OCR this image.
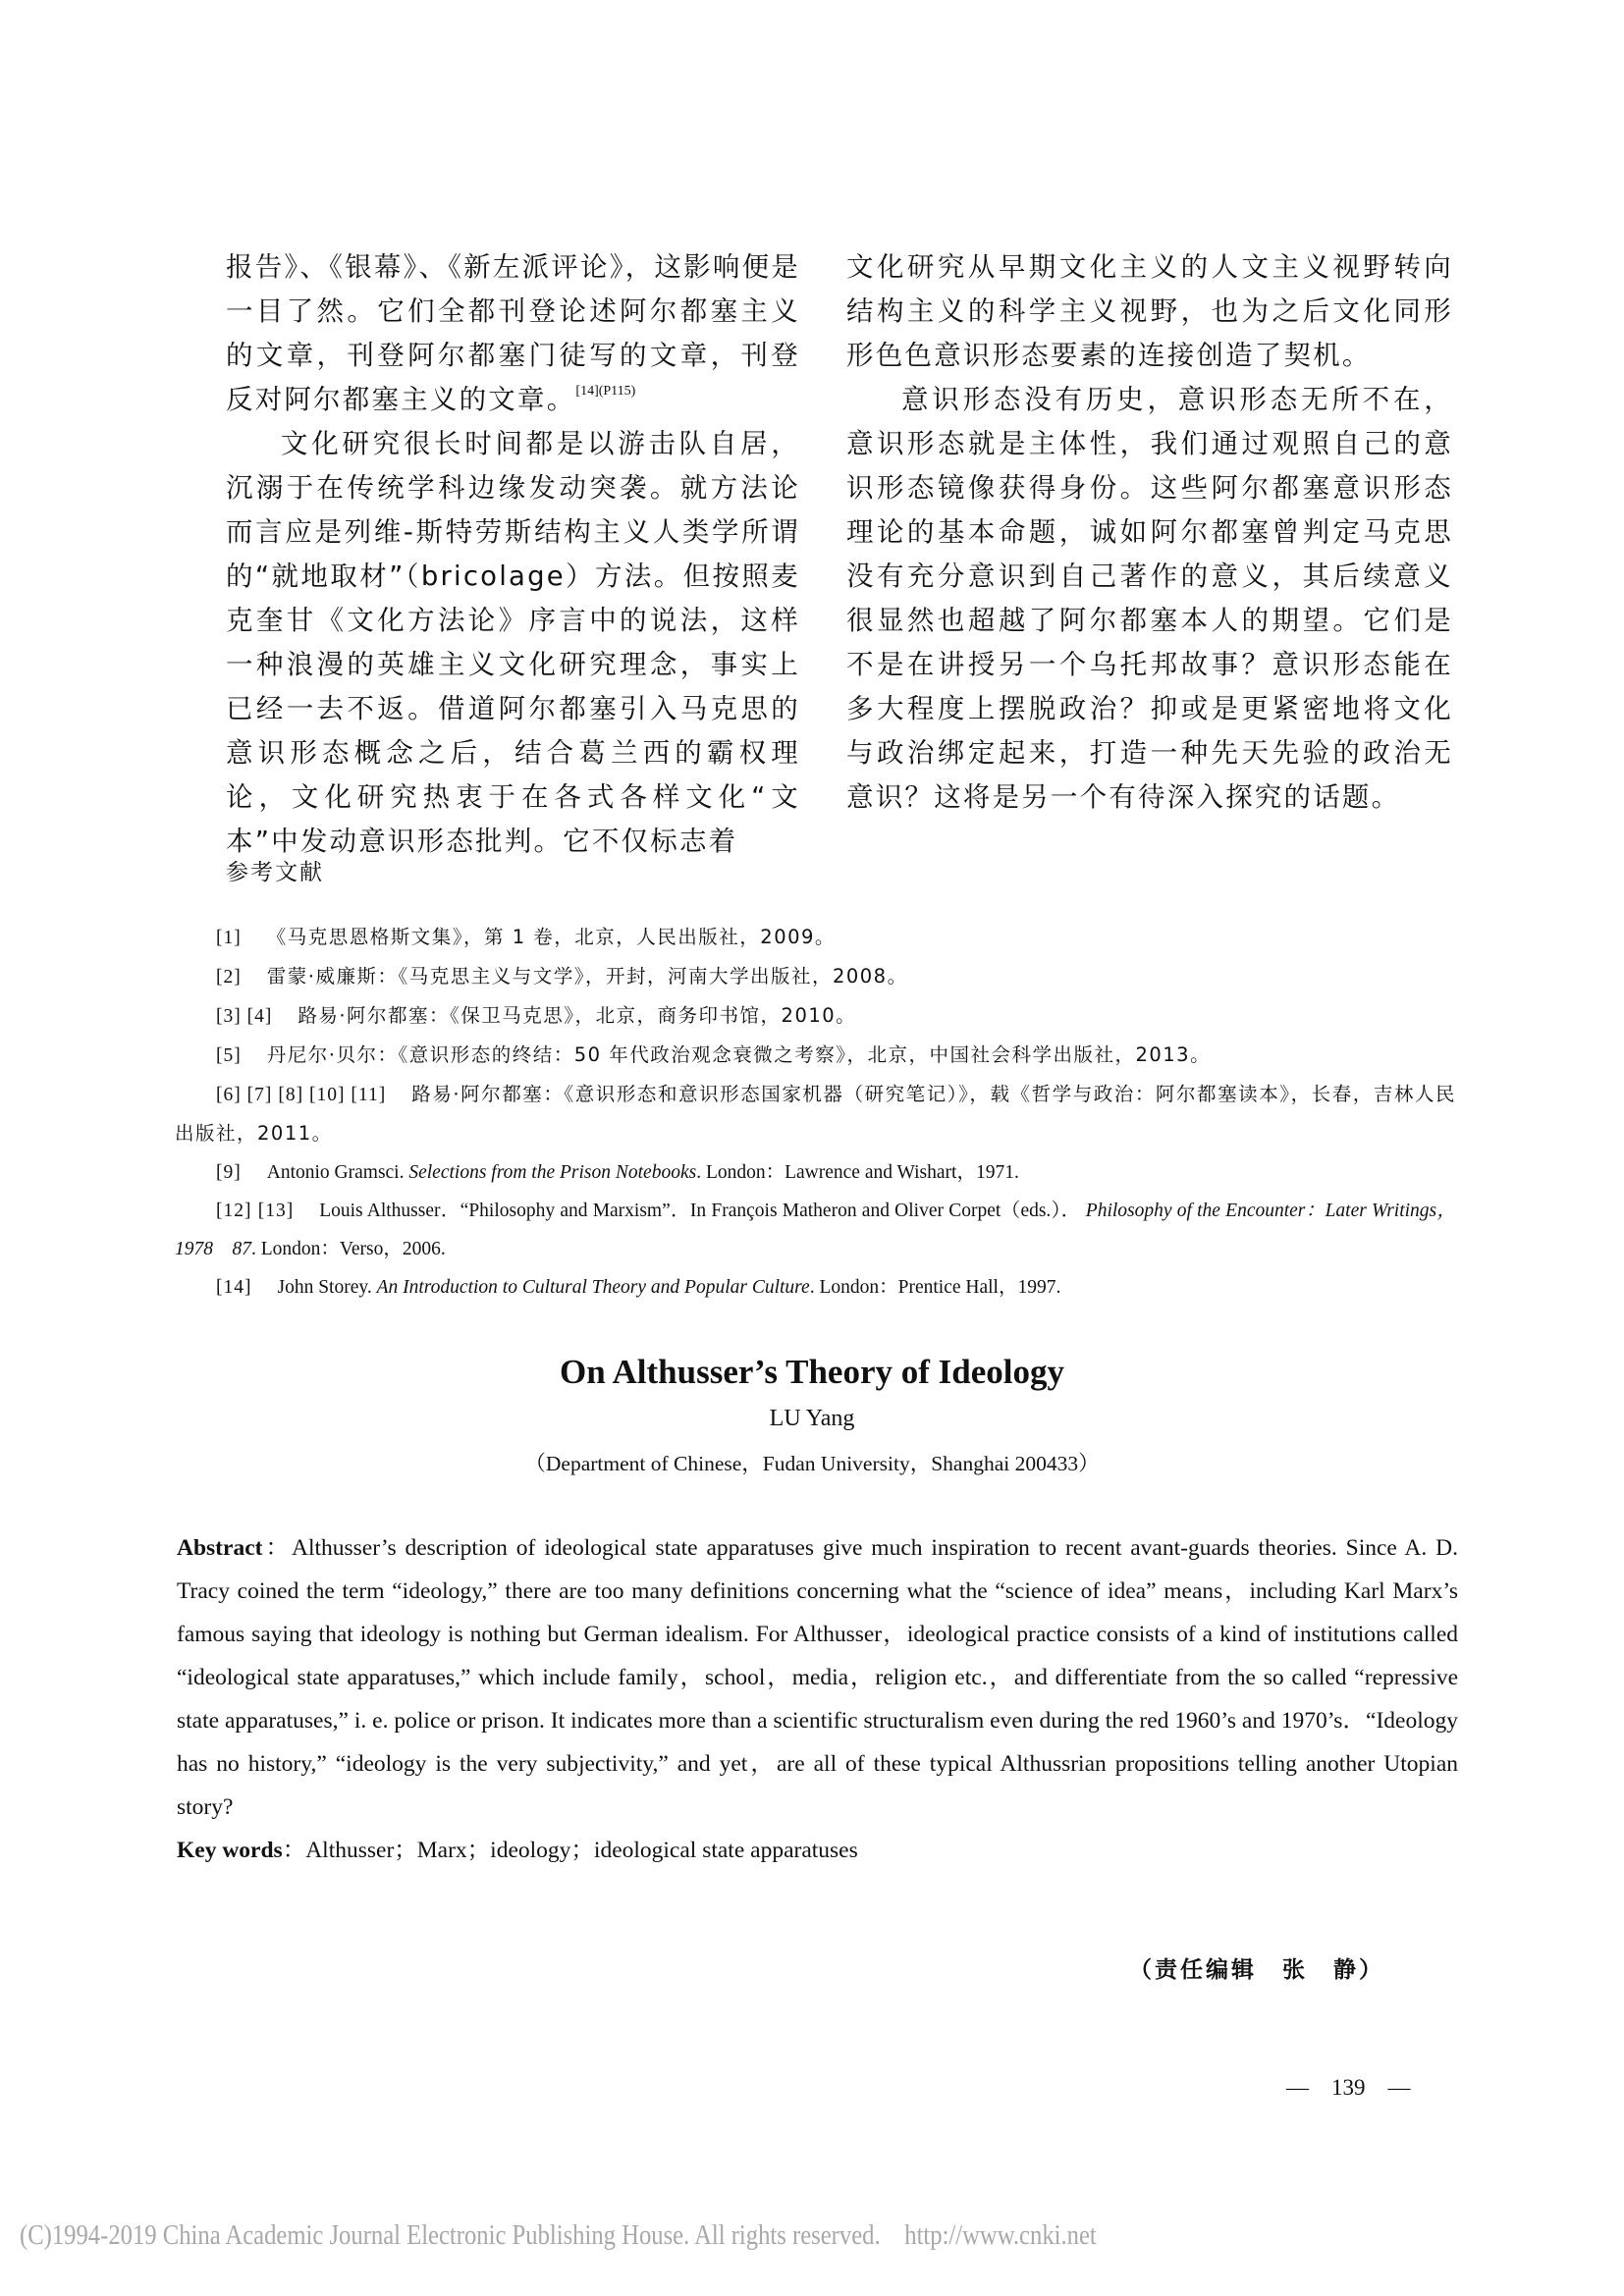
报告》、《银幕》、《新左派评论》，这影响便是一目了然。它们全都刊登论述阿尔都塞主义的文章，刊登阿尔都塞门徒写的文章，刊登反对阿尔都塞主义的文章。$^{[14](P115)}$

文化研究很长时间都是以游击队自居，沉溺于在传统学科边缘发动突袭。就方法论而言应是列维-斯特劳斯结构主义人类学所谓的“就地取材”（bricolage）方法。但按照麦克奎甘《文化方法论》序言中的说法，这样一种浪漫的英雄主义文化研究理念，事实上已经一去不返。借道阿尔都塞引入马克思的意识形态概念之后，结合葛兰西的霸权理论，文化研究热衷于在各式各样文化“文本”中发动意识形态批判。它不仅标志着

文化研究从早期文化主义的人文主义视野转向结构主义的科学主义视野，也为之后文化同形形色色意识形态要素的连接创造了契机。

意识形态没有历史，意识形态无所不在，意识形态就是主体性，我们通过观照自己的意识形态镜像获得身份。这些阿尔都塞意识形态理论的基本命题，诚如阿尔都塞曾判定马克思没有充分意识到自己著作的意义，其后续意义很显然也超越了阿尔都塞本人的期望。它们是不是在讲授另一个乌托邦故事？意识形态能在多大程度上摆脱政治？抑或是更紧密地将文化与政治绑定起来，打造一种先天先验的政治无意识？这将是另一个有待深入探究的话题。

参考文献

[1] 《马克思恩格斯文集》，第 1 卷，北京，人民出版社，2009。

[2] 雷蒙·威廉斯：《马克思主义与文学》，开封，河南大学出版社，2008。

[3] [4] 路易·阿尔都塞：《保卫马克思》，北京，商务印书馆，2010。

[5] 丹尼尔·贝尔：《意识形态的终结：50 年代政治观念衰微之考察》，北京，中国社会科学出版社，2013。

[6] [7] [8] [10] [11] 路易·阿尔都塞：《意识形态和意识形态国家机器（研究笔记）》，载《哲学与政治：阿尔都塞读本》，长春，吉林人民出版社，2011。

[9] Antonio Gramsci. Selections from the Prison Notebooks. London：Lawrence and Wishart，1971.

[12] [13] Louis Althusser．“Philosophy and Marxism”．In François Matheron and Oliver Corpet（eds.）． Philosophy of the Encounter：Later Writings，1978　87. London：Verso，2006.

[14] John Storey. An Introduction to Cultural Theory and Popular Culture. London：Prentice Hall，1997.

On Althusser’s Theory of Ideology
LU Yang
（Department of Chinese，Fudan University，Shanghai 200433）

Abstract：Althusser’s description of ideological state apparatuses give much inspiration to recent avant-guards theories. Since A. D. Tracy coined the term “ideology,” there are too many definitions concerning what the “science of idea” means，including Karl Marx’s famous saying that ideology is nothing but German idealism. For Althusser，ideological practice consists of a kind of institutions called “ideological state apparatuses,” which include family，school，media，religion etc.，and differentiate from the so called “repressive state apparatuses,” i. e. police or prison. It indicates more than a scientific structuralism even during the red 1960’s and 1970’s．“Ideology has no history,” “ideology is the very subjectivity,” and yet，are all of these typical Althussrian propositions telling another Utopian story?

Key words：Althusser；Marx；ideology；ideological state apparatuses

（责任编辑　张　静）
—　139　—
(C)1994-2019 China Academic Journal Electronic Publishing House. All rights reserved.    http://www.cnki.net
